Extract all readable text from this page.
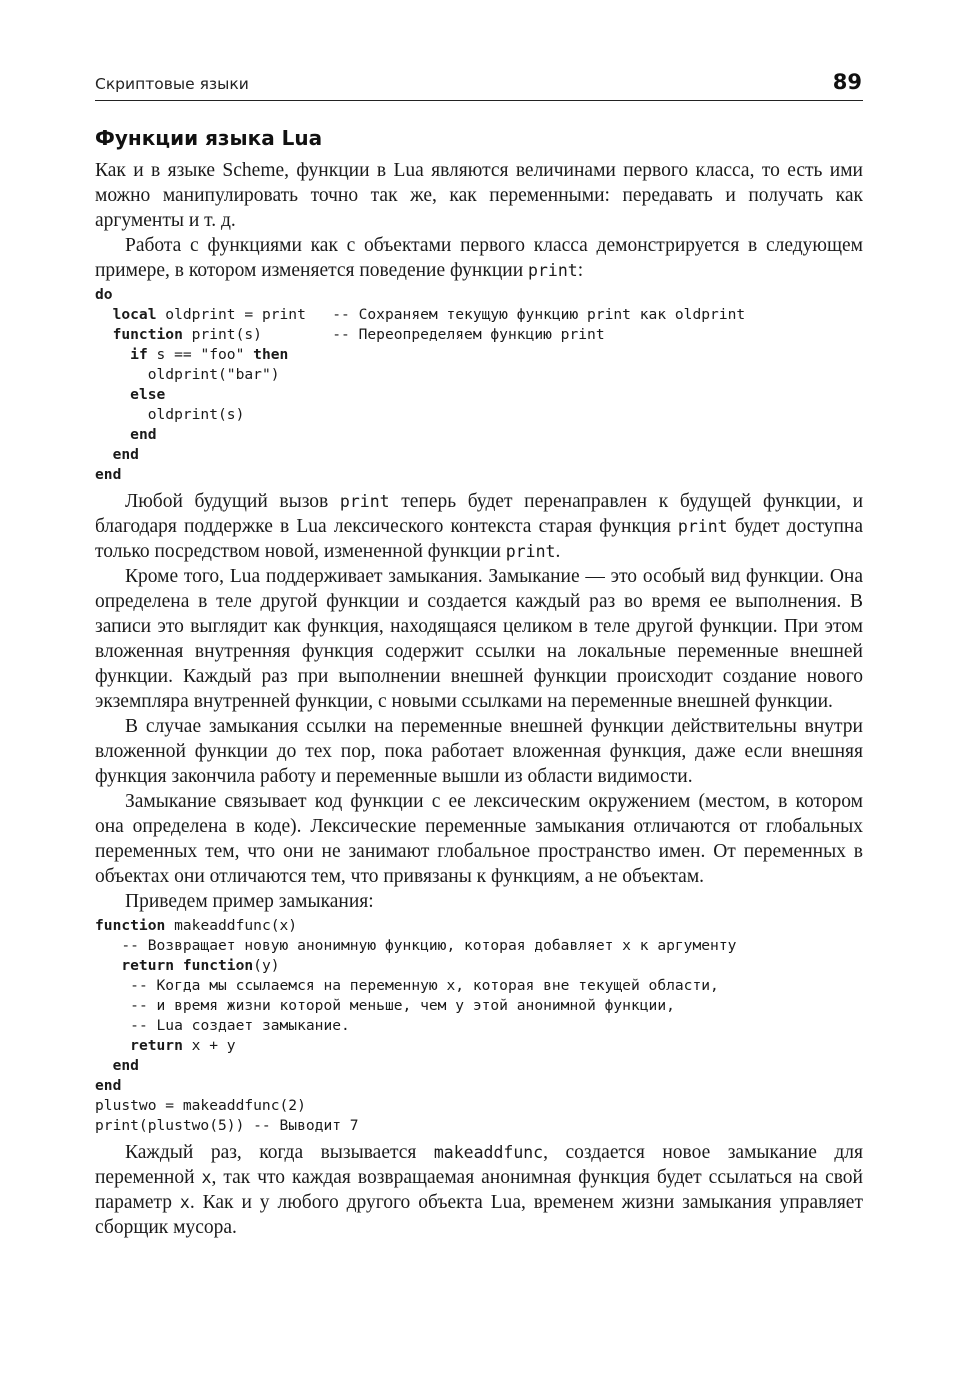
Скриптовые языки	89
Функции языка Lua

Как и в языке Scheme, функции в Lua являются величинами первого класса, то есть ими можно манипулировать точно так же, как переменными: передавать и получать как аргументы и т. д.

Работа с функциями как с объектами первого класса демонстрируется в следующем примере, в котором изменяется поведение функции print:

do
local oldprint = print   -- Сохраняем текущую функцию print как oldprint
function print(s)        -- Переопределяем функцию print
if s == "foo" then
oldprint("bar")
else
oldprint(s)
end
end
end

Любой будущий вызов print теперь будет перенаправлен к будущей функции, и благодаря поддержке в Lua лексического контекста старая функция print будет доступна только посредством новой, измененной функции print.

Кроме того, Lua поддерживает замыкания. Замыкание — это особый вид функции. Она определена в теле другой функции и создается каждый раз во время ее выполнения. В записи это выглядит как функция, находящаяся целиком в теле другой функции. При этом вложенная внутренняя функция содержит ссылки на локальные переменные внешней функции. Каждый раз при выполнении внешней функции происходит создание нового экземпляра внутренней функции, с новыми ссылками на переменные внешней функции.

В случае замыкания ссылки на переменные внешней функции действительны внутри вложенной функции до тех пор, пока работает вложенная функция, даже если внешняя функция закончила работу и переменные вышли из области видимости.

Замыкание связывает код функции с ее лексическим окружением (местом, в котором она определена в коде). Лексические переменные замыкания отличаются от глобальных переменных тем, что они не занимают глобальное пространство имен. От переменных в объектах они отличаются тем, что привязаны к функциям, а не объектам.

Приведем пример замыкания:

function makeaddfunc(x)
-- Возвращает новую анонимную функцию, которая добавляет x к аргументу
return function(y)
-- Когда мы ссылаемся на переменную x, которая вне текущей области,
-- и время жизни которой меньше, чем у этой анонимной функции,
-- Lua создает замыкание.
return x + y
end
end
plustwo = makeaddfunc(2)
print(plustwo(5)) -- Выводит 7

Каждый раз, когда вызывается makeaddfunc, создается новое замыкание для переменной x, так что каждая возвращаемая анонимная функция будет ссылаться на свой параметр x. Как и у любого другого объекта Lua, временем жизни замыкания управляет сборщик мусора.
